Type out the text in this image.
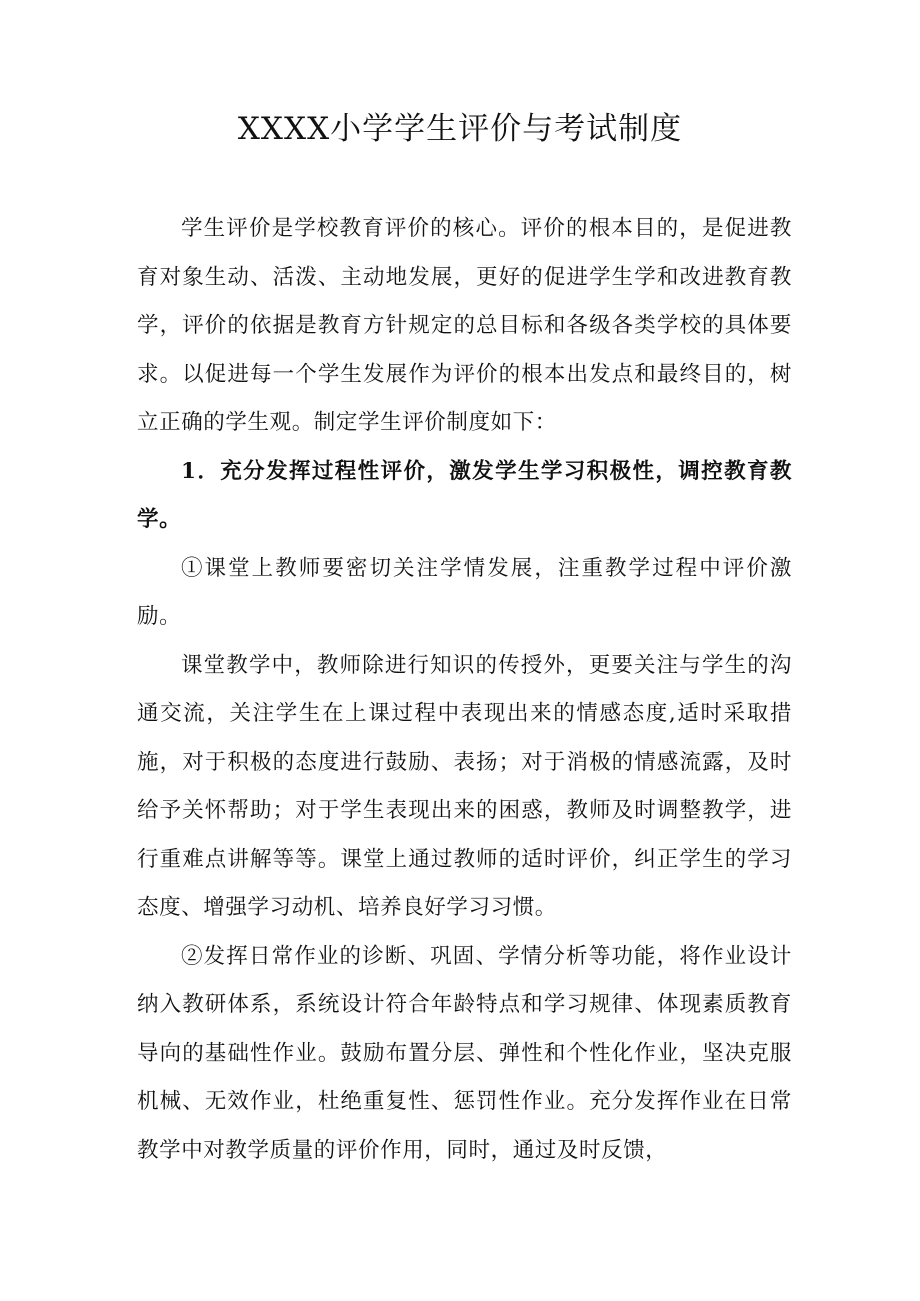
XXXX小学学生评价与考试制度

学生评价是学校教育评价的核心。评价的根本目的，是促进教育对象生动、活泼、主动地发展，更好的促进学生学和改进教育教学，评价的依据是教育方针规定的总目标和各级各类学校的具体要求。以促进每一个学生发展作为评价的根本出发点和最终目的，树立正确的学生观。制定学生评价制度如下：

1．充分发挥过程性评价，激发学生学习积极性，调控教育教学。

①课堂上教师要密切关注学情发展，注重教学过程中评价激励。

课堂教学中，教师除进行知识的传授外，更要关注与学生的沟通交流，关注学生在上课过程中表现出来的情感态度,适时采取措施，对于积极的态度进行鼓励、表扬；对于消极的情感流露，及时给予关怀帮助；对于学生表现出来的困惑，教师及时调整教学，进行重难点讲解等等。课堂上通过教师的适时评价，纠正学生的学习态度、增强学习动机、培养良好学习习惯。

②发挥日常作业的诊断、巩固、学情分析等功能，将作业设计纳入教研体系，系统设计符合年龄特点和学习规律、体现素质教育导向的基础性作业。鼓励布置分层、弹性和个性化作业，坚决克服机械、无效作业，杜绝重复性、惩罚性作业。充分发挥作业在日常教学中对教学质量的评价作用，同时，通过及时反馈，
